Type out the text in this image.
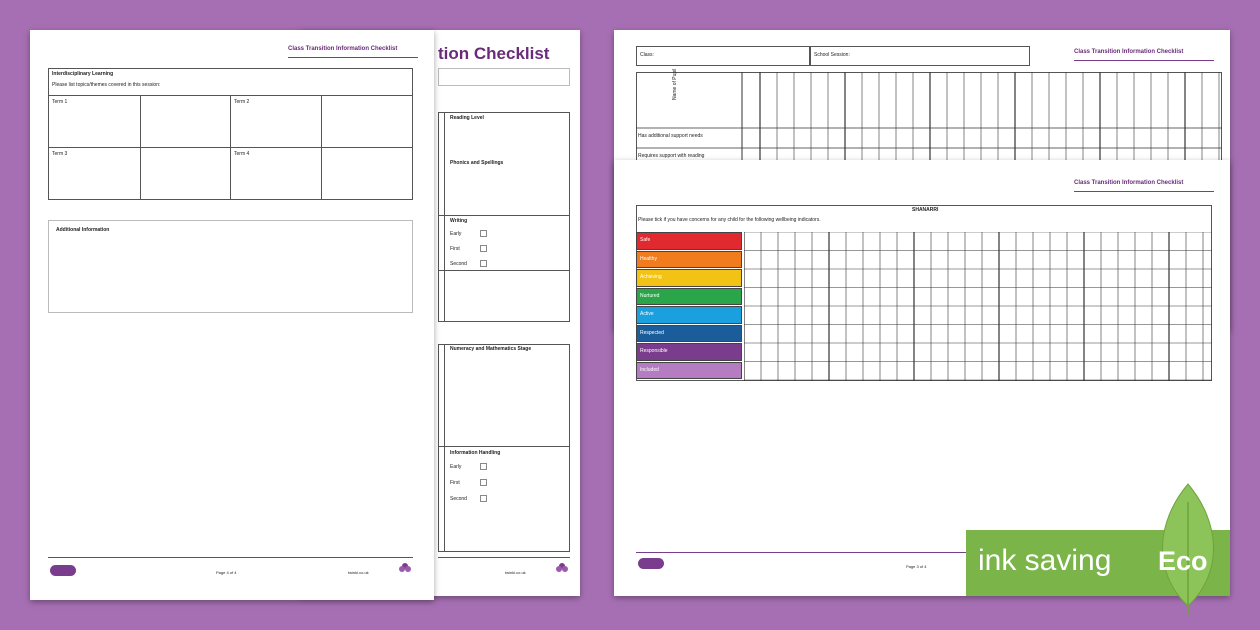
tion Checklist
Reading Level
Phonics and Spellings
Writing
Early
First
Second
Numeracy and Mathematics Stage
Information Handling
Early
First
Second
twinkl.co.uk
Class Transition Information Checklist
Interdisciplinary Learning
Please list topics/themes covered in this session:
Term 1	Term 2
Term 3	Term 4
Additional Information
Page 4 of 4	twinkl.co.uk
Class:	School Session:	Class Transition Information Checklist
Name of Pupil
Has additional support needs
Requires support with reading
Class Transition Information Checklist
SHANARRI
Please tick if you have concerns for any child for the following wellbeing indicators.
Safe
Healthy
Achieving
Nurtured
Active
Respected
Responsible
Included
Page 3 of 4 ink saving Eco
